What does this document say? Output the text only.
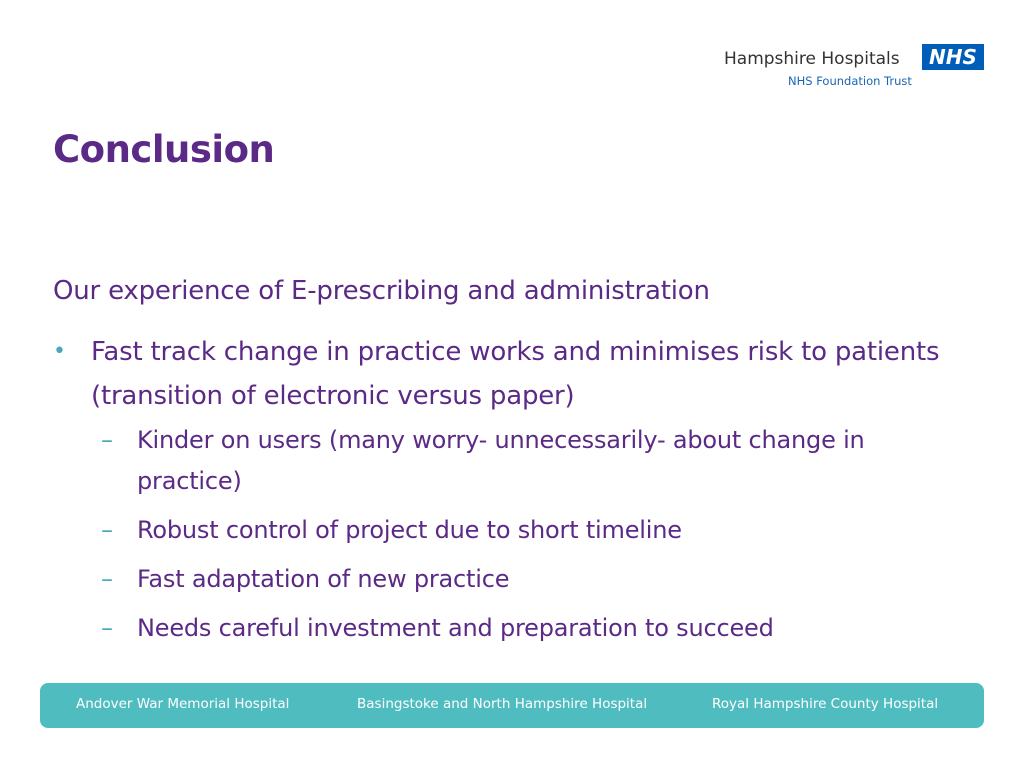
Hampshire Hospitals	NHS
NHS Foundation Trust
Conclusion
Our experience of E-prescribing and administration
• Fast track change in practice works and minimises risk to patients (transition of electronic versus paper)
– Kinder on users (many worry- unnecessarily- about change in practice)
– Robust control of project due to short timeline
– Fast adaptation of new practice
– Needs careful investment and preparation to succeed
Andover War Memorial Hospital	Basingstoke and North Hampshire Hospital	Royal Hampshire County Hospital
